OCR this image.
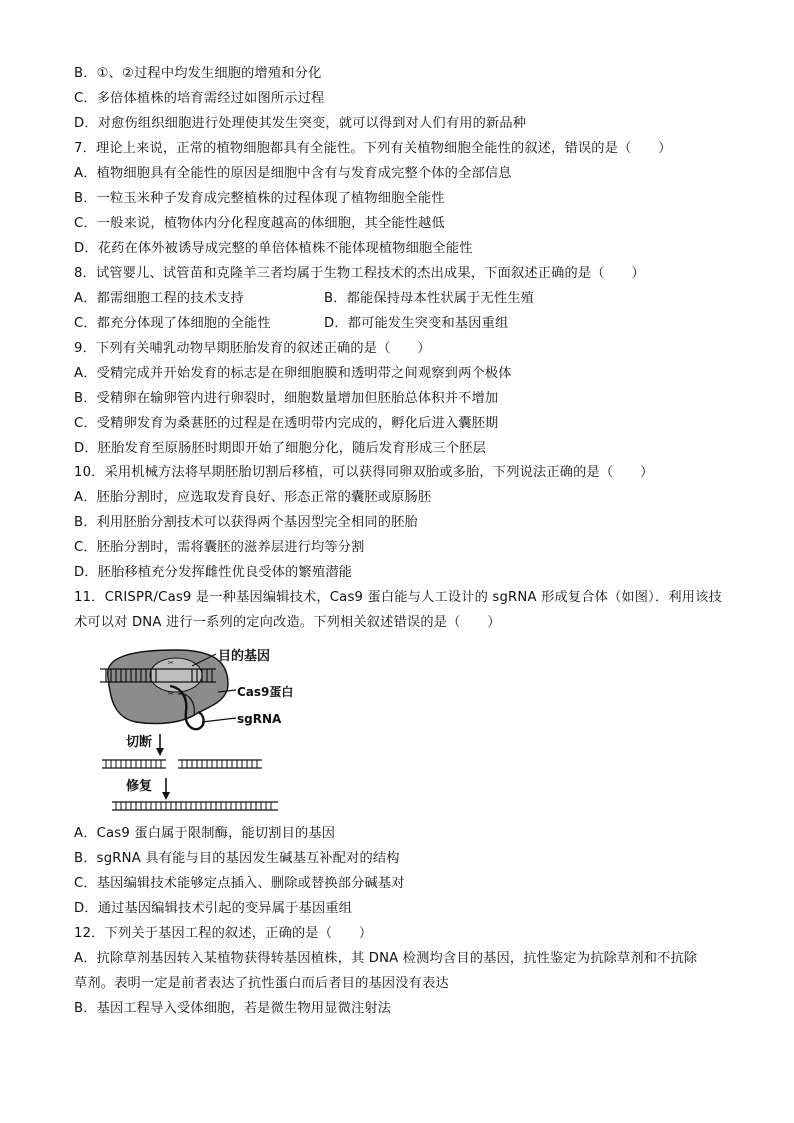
B．①、②过程中均发生细胞的增殖和分化
C．多倍体植株的培育需经过如图所示过程
D．对愈伤组织细胞进行处理使其发生突变，就可以得到对人们有用的新品种
7．理论上来说，正常的植物细胞都具有全能性。下列有关植物细胞全能性的叙述，错误的是（　　）
A．植物细胞具有全能性的原因是细胞中含有与发育成完整个体的全部信息
B．一粒玉米种子发育成完整植株的过程体现了植物细胞全能性
C．一般来说，植物体内分化程度越高的体细胞，其全能性越低
D．花药在体外被诱导成完整的单倍体植株不能体现植物细胞全能性
8．试管婴儿、试管苗和克隆羊三者均属于生物工程技术的杰出成果，下面叙述正确的是（　　）
A．都需细胞工程的技术支持	B．都能保持母本性状属于无性生殖
C．都充分体现了体细胞的全能性	D．都可能发生突变和基因重组
9．下列有关哺乳动物早期胚胎发育的叙述正确的是（　　）
A．受精完成并开始发育的标志是在卵细胞膜和透明带之间观察到两个极体
B．受精卵在输卵管内进行卵裂时，细胞数量增加但胚胎总体积并不增加
C．受精卵发育为桑葚胚的过程是在透明带内完成的，孵化后进入囊胚期
D．胚胎发育至原肠胚时期即开始了细胞分化，随后发育形成三个胚层
10．采用机械方法将早期胚胎切割后移植，可以获得同卵双胎或多胎，下列说法正确的是（　　）
A．胚胎分割时，应选取发育良好、形态正常的囊胚或原肠胚
B．利用胚胎分割技术可以获得两个基因型完全相同的胚胎
C．胚胎分割时，需将囊胚的滋养层进行均等分割
D．胚胎移植充分发挥雌性优良受体的繁殖潜能
11．CRISPR/Cas9 是一种基因编辑技术，Cas9 蛋白能与人工设计的 sgRNA 形成复合体（如图）．利用该技
术可以对 DNA 进行一系列的定向改造。下列相关叙述错误的是（　　）
✂
✂
目的基因
Cas9蛋白
sgRNA
切断
修复
A．Cas9 蛋白属于限制酶，能切割目的基因
B．sgRNA 具有能与目的基因发生碱基互补配对的结构
C．基因编辑技术能够定点插入、删除或替换部分碱基对
D．通过基因编辑技术引起的变异属于基因重组
12．下列关于基因工程的叙述，正确的是（　　）
A．抗除草剂基因转入某植物获得转基因植株，其 DNA 检测均含目的基因，抗性鉴定为抗除草剂和不抗除
草剂。表明一定是前者表达了抗性蛋白而后者目的基因没有表达
B．基因工程导入受体细胞，若是微生物用显微注射法
